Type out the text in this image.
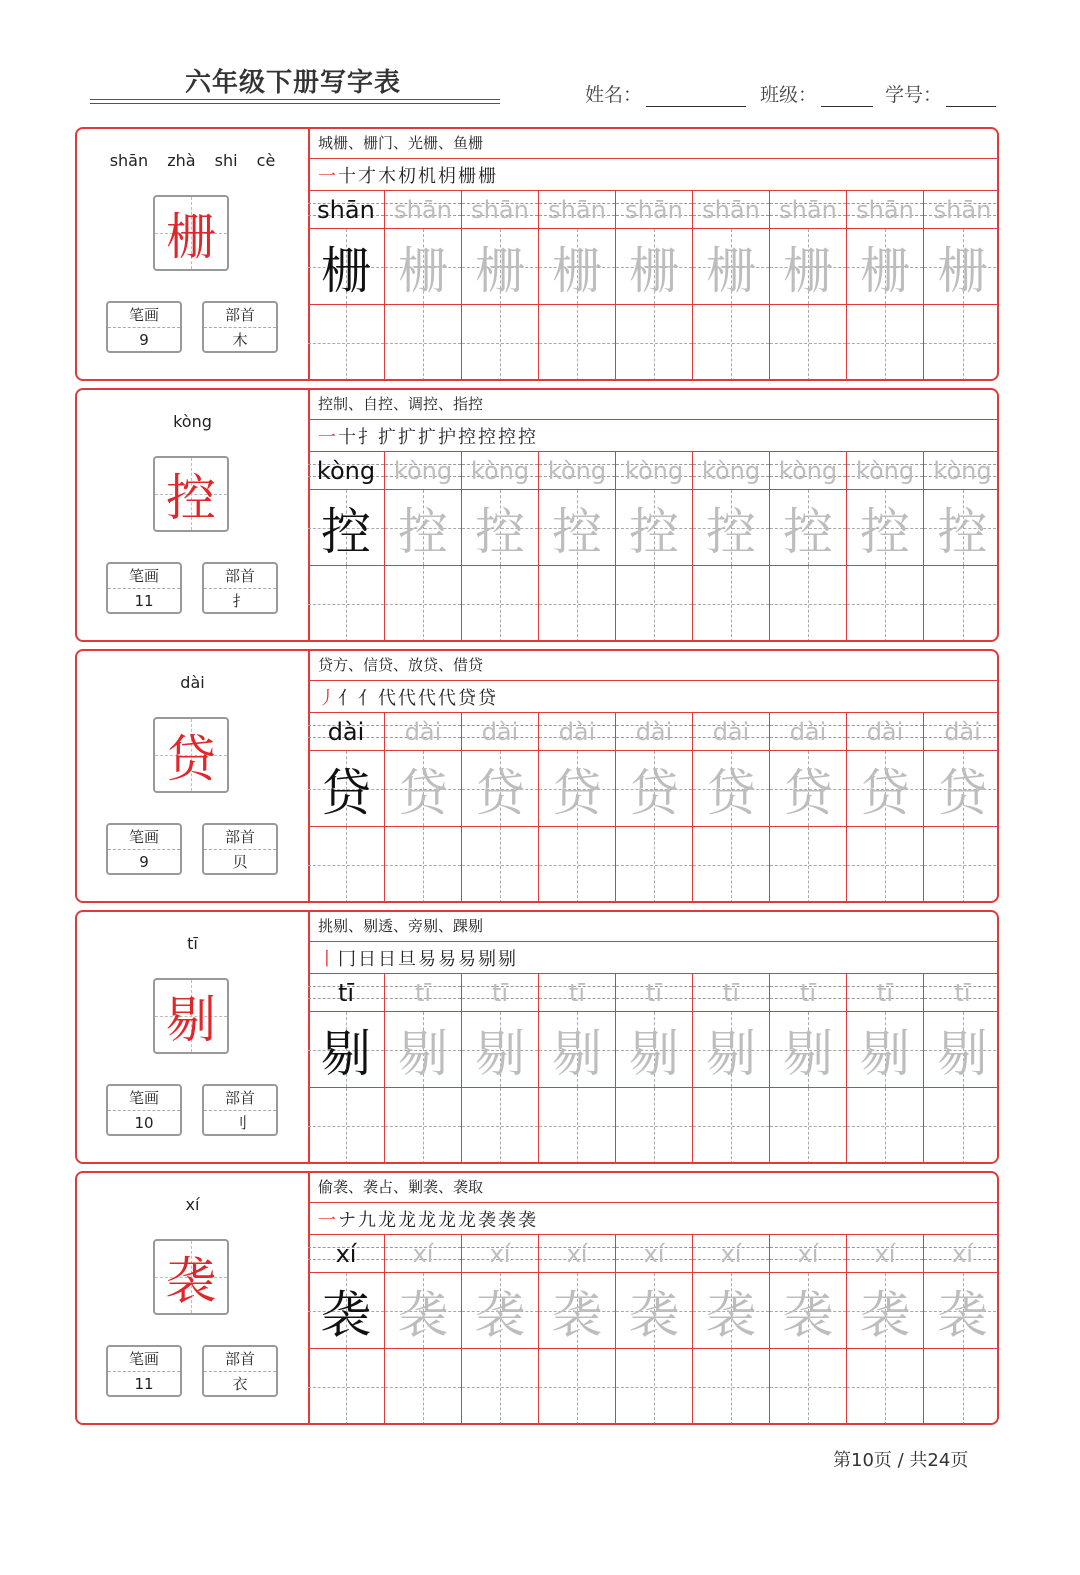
六年级下册写字表	姓名：	班级：	学号：
shān zhà shi cè
栅
笔画
9
部首
木
城栅、栅门、光栅、鱼栅
一 十 才 木 朷 机 枂 栅 栅
shān
栅
shān
栅
shān
栅
shān
栅
shān
栅
shān
栅
shān
栅
shān
栅
shān
栅
kòng
控
笔画
11
部首
扌
控制、自控、调控、指控
一 十 扌 扩 扩 扩 护 控 控 控 控
kòng
控
kòng
控
kòng
控
kòng
控
kòng
控
kòng
控
kòng
控
kòng
控
kòng
控
dài
贷
笔画
9
部首
贝
贷方、信贷、放贷、借贷
丿 亻 亻 代 代 代 代 贷 贷
dài
贷
dài
贷
dài
贷
dài
贷
dài
贷
dài
贷
dài
贷
dài
贷
dài
贷
tī
剔
笔画
10
部首
刂
挑剔、剔透、旁剔、踝剔
丨 冂 日 日 旦 易 易 易 剔 剔
tī
剔
tī
剔
tī
剔
tī
剔
tī
剔
tī
剔
tī
剔
tī
剔
tī
剔
xí
袭
笔画
11
部首
衣
偷袭、袭占、剿袭、袭取
一 ナ 九 龙 龙 龙 龙 龙 袭 袭 袭
xí
袭
xí
袭
xí
袭
xí
袭
xí
袭
xí
袭
xí
袭
xí
袭
xí
袭
第10页 / 共24页
